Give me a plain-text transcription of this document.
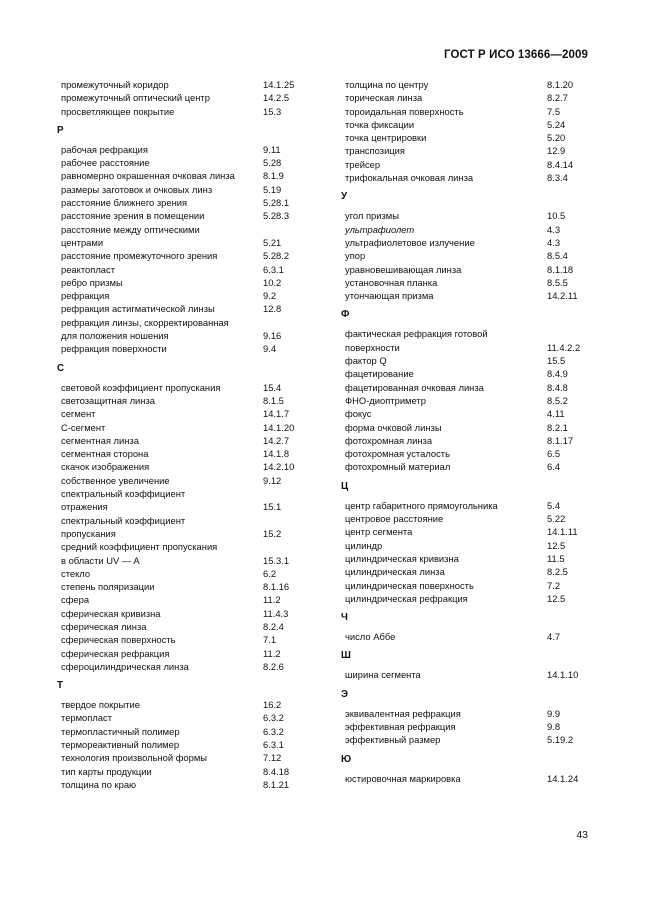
ГОСТ Р ИСО 13666—2009
промежуточный коридор	14.1.25
промежуточный оптический центр	14.2.5
просветляющее покрытие	15.3
Р
рабочая рефракция	9.11
рабочее расстояние	5.28
равномерно окрашенная очковая линза	8.1.9
размеры заготовок и очковых линз	5.19
расстояние ближнего зрения	5.28.1
расстояние зрения в помещении	5.28.3
расстояние между оптическими
центрами	5.21
расстояние промежуточного зрения	5.28.2
реактопласт	6.3.1
ребро призмы	10.2
рефракция	9.2
рефракция астигматической линзы	12.8
рефракция линзы, скорректированная
для положения ношения	9.16
рефракция поверхности	9.4
С
световой коэффициент пропускания	15.4
светозащитная линза	8.1.5
сегмент	14.1.7
С-сегмент	14.1.20
сегментная линза	14.2.7
сегментная сторона	14.1.8
скачок изображения	14.2.10
собственное увеличение	9.12
спектральный коэффициент
отражения	15.1
спектральный коэффициент
пропускания	15.2
средний коэффициент пропускания
в области UV — A	15.3.1
стекло	6.2
степень поляризации	8.1.16
сфера	11.2
сферическая кривизна	11.4.3
сферическая линза	8.2.4
сферическая поверхность	7.1
сферическая рефракция	11.2
сфероцилиндрическая линза	8.2.6
Т
твердое покрытие	16.2
термопласт	6.3.2
термопластичный полимер	6.3.2
термореактивный полимер	6.3.1
технология произвольной формы	7.12
тип карты продукции	8.4.18
толщина по краю	8.1.21
толщина по центру	8.1.20
торическая линза	8.2.7
тороидальная поверхность	7.5
точка фиксации	5.24
точка центрировки	5.20
транспозиция	12.9
трейсер	8.4.14
трифокальная очковая линза	8.3.4
У
угол призмы	10.5
ультрафиолет	4.3
ультрафиолетовое излучение	4.3
упор	8.5.4
уравновешивающая линза	8.1.18
установочная планка	8.5.5
утончающая призма	14.2.11
Ф
фактическая рефракция готовой
поверхности	11.4.2.2
фактор Q	15.5
фацетирование	8.4.9
фацетированная очковая линза	8.4.8
ФНО-диоптриметр	8.5.2
фокус	4.11
форма очковой линзы	8.2.1
фотохромная линза	8.1.17
фотохромная усталость	6.5
фотохромный материал	6.4
Ц
центр габаритного прямоугольника	5.4
центровое расстояние	5.22
центр сегмента	14.1.11
цилиндр	12.5
цилиндрическая кривизна	11.5
цилиндрическая линза	8.2.5
цилиндрическая поверхность	7.2
цилиндрическая рефракция	12.5
Ч
число Аббе	4.7
Ш
ширина сегмента	14.1.10
Э
эквивалентная рефракция	9.9
эффективная рефракция	9.8
эффективный размер	5.19.2
Ю
юстировочная маркировка	14.1.24
43
